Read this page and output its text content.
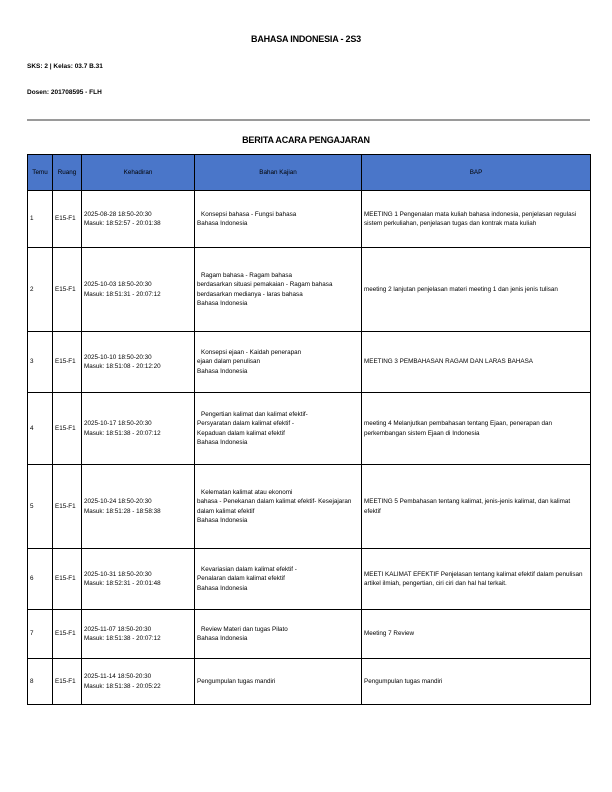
BAHASA INDONESIA - 2S3
SKS: 2 | Kelas: 03.7 B.31
Dosen: 201708595 - FLH
BERITA ACARA PENGAJARAN
Temu	Ruang	Kehadiran	Bahan Kajian	BAP
1	E15-F1	2025-08-28 18:50-20:30
Masuk: 18:52:57 - 20:01:38	Konsepsi bahasa - Fungsi bahasa
Bahasa Indonesia	MEETING 1 Pengenalan mata kuliah bahasa indonesia, penjelasan regulasi sistem perkuliahan, penjelasan tugas dan kontrak mata kuliah
2	E15-F1	2025-10-03 18:50-20:30
Masuk: 18:51:31 - 20:07:12	Ragam bahasa - Ragam bahasa
berdasarkan situasi pemakaian - Ragam bahasa berdasarkan medianya - laras bahasa
Bahasa Indonesia	meeting 2 lanjutan penjelasan materi meeting 1 dan jenis jenis tulisan
3	E15-F1	2025-10-10 18:50-20:30
Masuk: 18:51:08 - 20:12:20	Konsepsi ejaan - Kaidah penerapan
ejaan dalam penulisan
Bahasa Indonesia	MEETING 3 PEMBAHASAN RAGAM DAN LARAS BAHASA
4	E15-F1	2025-10-17 18:50-20:30
Masuk: 18:51:38 - 20:07:12	Pengertian kalimat dan kalimat efektif-
Persyaratan dalam kalimat efektif -
Kepaduan dalam kalimat efektif
Bahasa Indonesia	meeting 4 Melanjutkan pembahasan tentang Ejaan, penerapan dan perkembangan sistem Ejaan di Indonesia
5	E15-F1	2025-10-24 18:50-20:30
Masuk: 18:51:28 - 18:58:38	Kelematan kalimat atau ekonomi
bahasa - Penekanan dalam kalimat efektif- Kesejajaran dalam kalimat efektif
Bahasa Indonesia	MEETING 5 Pembahasan tentang kalimat, jenis-jenis kalimat, dan kalimat efektif
6	E15-F1	2025-10-31 18:50-20:30
Masuk: 18:52:31 - 20:01:48	Kevariasian dalam kalimat efektif -
Penalaran dalam kalimat efektif
Bahasa Indonesia	MEETI KALIMAT EFEKTIF Penjelasan tentang kalimat efektif dalam penulisan artikel ilmiah, pengertian, ciri ciri dan hal hal terkait.
7	E15-F1	2025-11-07 18:50-20:30
Masuk: 18:51:38 - 20:07:12	Review Materi dan tugas Pilato
Bahasa Indonesia	Meeting 7 Review
8	E15-F1	2025-11-14 18:50-20:30
Masuk: 18:51:38 - 20:05:22	Pengumpulan tugas mandiri	Pengumpulan tugas mandiri
